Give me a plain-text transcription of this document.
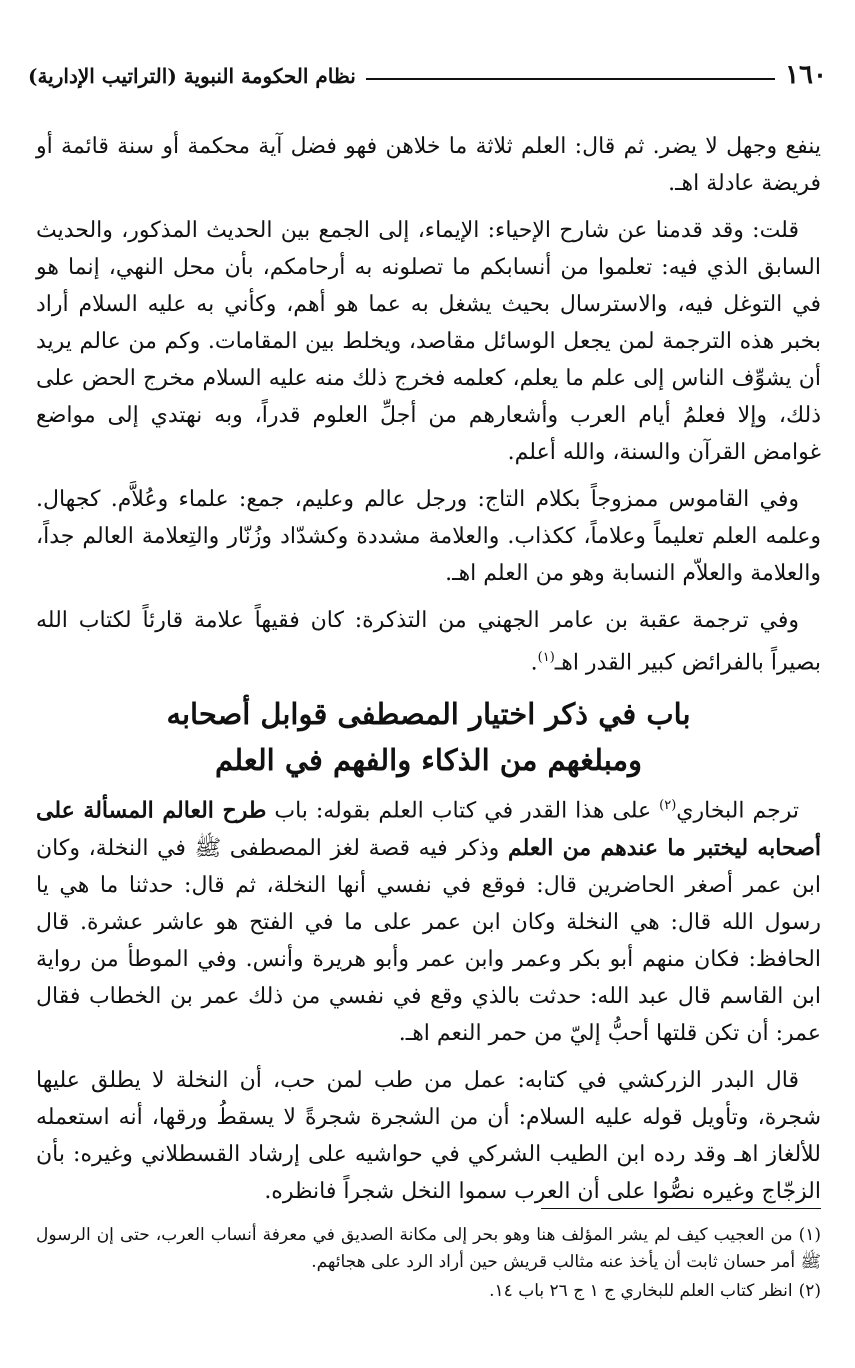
١٦٠
نظام الحكومة النبوية (التراتيب الإدارية)

ينفع وجهل لا يضر. ثم قال: العلم ثلاثة ما خلاهن فهو فضل آية محكمة أو سنة قائمة أو فريضة عادلة اهـ.

قلت: وقد قدمنا عن شارح الإحياء: الإيماء، إلى الجمع بين الحديث المذكور، والحديث السابق الذي فيه: تعلموا من أنسابكم ما تصلونه به أرحامكم، بأن محل النهي، إنما هو في التوغل فيه، والاسترسال بحيث يشغل به عما هو أهم، وكأني به عليه السلام أراد بخبر هذه الترجمة لمن يجعل الوسائل مقاصد، ويخلط بين المقامات. وكم من عالم يريد أن يشوِّف الناس إلى علم ما يعلم، كعلمه فخرج ذلك منه عليه السلام مخرج الحض على ذلك، وإلا فعلمُ أيام العرب وأشعارهم من أجلِّ العلوم قدراً، وبه نهتدي إلى مواضع غوامض القرآن والسنة، والله أعلم.

وفي القاموس ممزوجاً بكلام التاج: ورجل عالم وعليم، جمع: علماء وعُلاَّم. كجهال. وعلمه العلم تعليماً وعلاماً، ككذاب. والعلامة مشددة وكشدّاد وزُنّار والتِعلامة العالم جداً، والعلامة والعلاّم النسابة وهو من العلم اهـ.

وفي ترجمة عقبة بن عامر الجهني من التذكرة: كان فقيهاً علامة قارئاً لكتاب الله بصيراً بالفرائض كبير القدر اهـ$^{(١)}$.

باب في ذكر اختيار المصطفى قوابل أصحابه
ومبلغهم من الذكاء والفهم في العلم

ترجم البخاري$^{(٢)}$ على هذا القدر في كتاب العلم بقوله: باب طرح العالم المسألة على أصحابه ليختبر ما عندهم من العلم وذكر فيه قصة لغز المصطفى ﷺ في النخلة، وكان ابن عمر أصغر الحاضرين قال: فوقع في نفسي أنها النخلة، ثم قال: حدثنا ما هي يا رسول الله قال: هي النخلة وكان ابن عمر على ما في الفتح هو عاشر عشرة. قال الحافظ: فكان منهم أبو بكر وعمر وابن عمر وأبو هريرة وأنس. وفي الموطأ من رواية ابن القاسم قال عبد الله: حدثت بالذي وقع في نفسي من ذلك عمر بن الخطاب فقال عمر: أن تكن قلتها أحبُّ إليّ من حمر النعم اهـ.

قال البدر الزركشي في كتابه: عمل من طب لمن حب، أن النخلة لا يطلق عليها شجرة، وتأويل قوله عليه السلام: أن من الشجرة شجرةً لا يسقطُ ورقها، أنه استعمله للألغاز اهـ وقد رده ابن الطيب الشركي في حواشيه على إرشاد القسطلاني وغيره: بأن الزجّاج وغيره نصُّوا على أن العرب سموا النخل شجراً فانظره.

(١)من العجيب كيف لم يشر المؤلف هنا وهو بحر إلى مكانة الصديق في معرفة أنساب العرب، حتى إن الرسول ﷺ أمر حسان ثابت أن يأخذ عنه مثالب قريش حين أراد الرد على هجائهم.

(٢)انظر كتاب العلم للبخاري ج ١ ج ٢٦ باب ١٤.
